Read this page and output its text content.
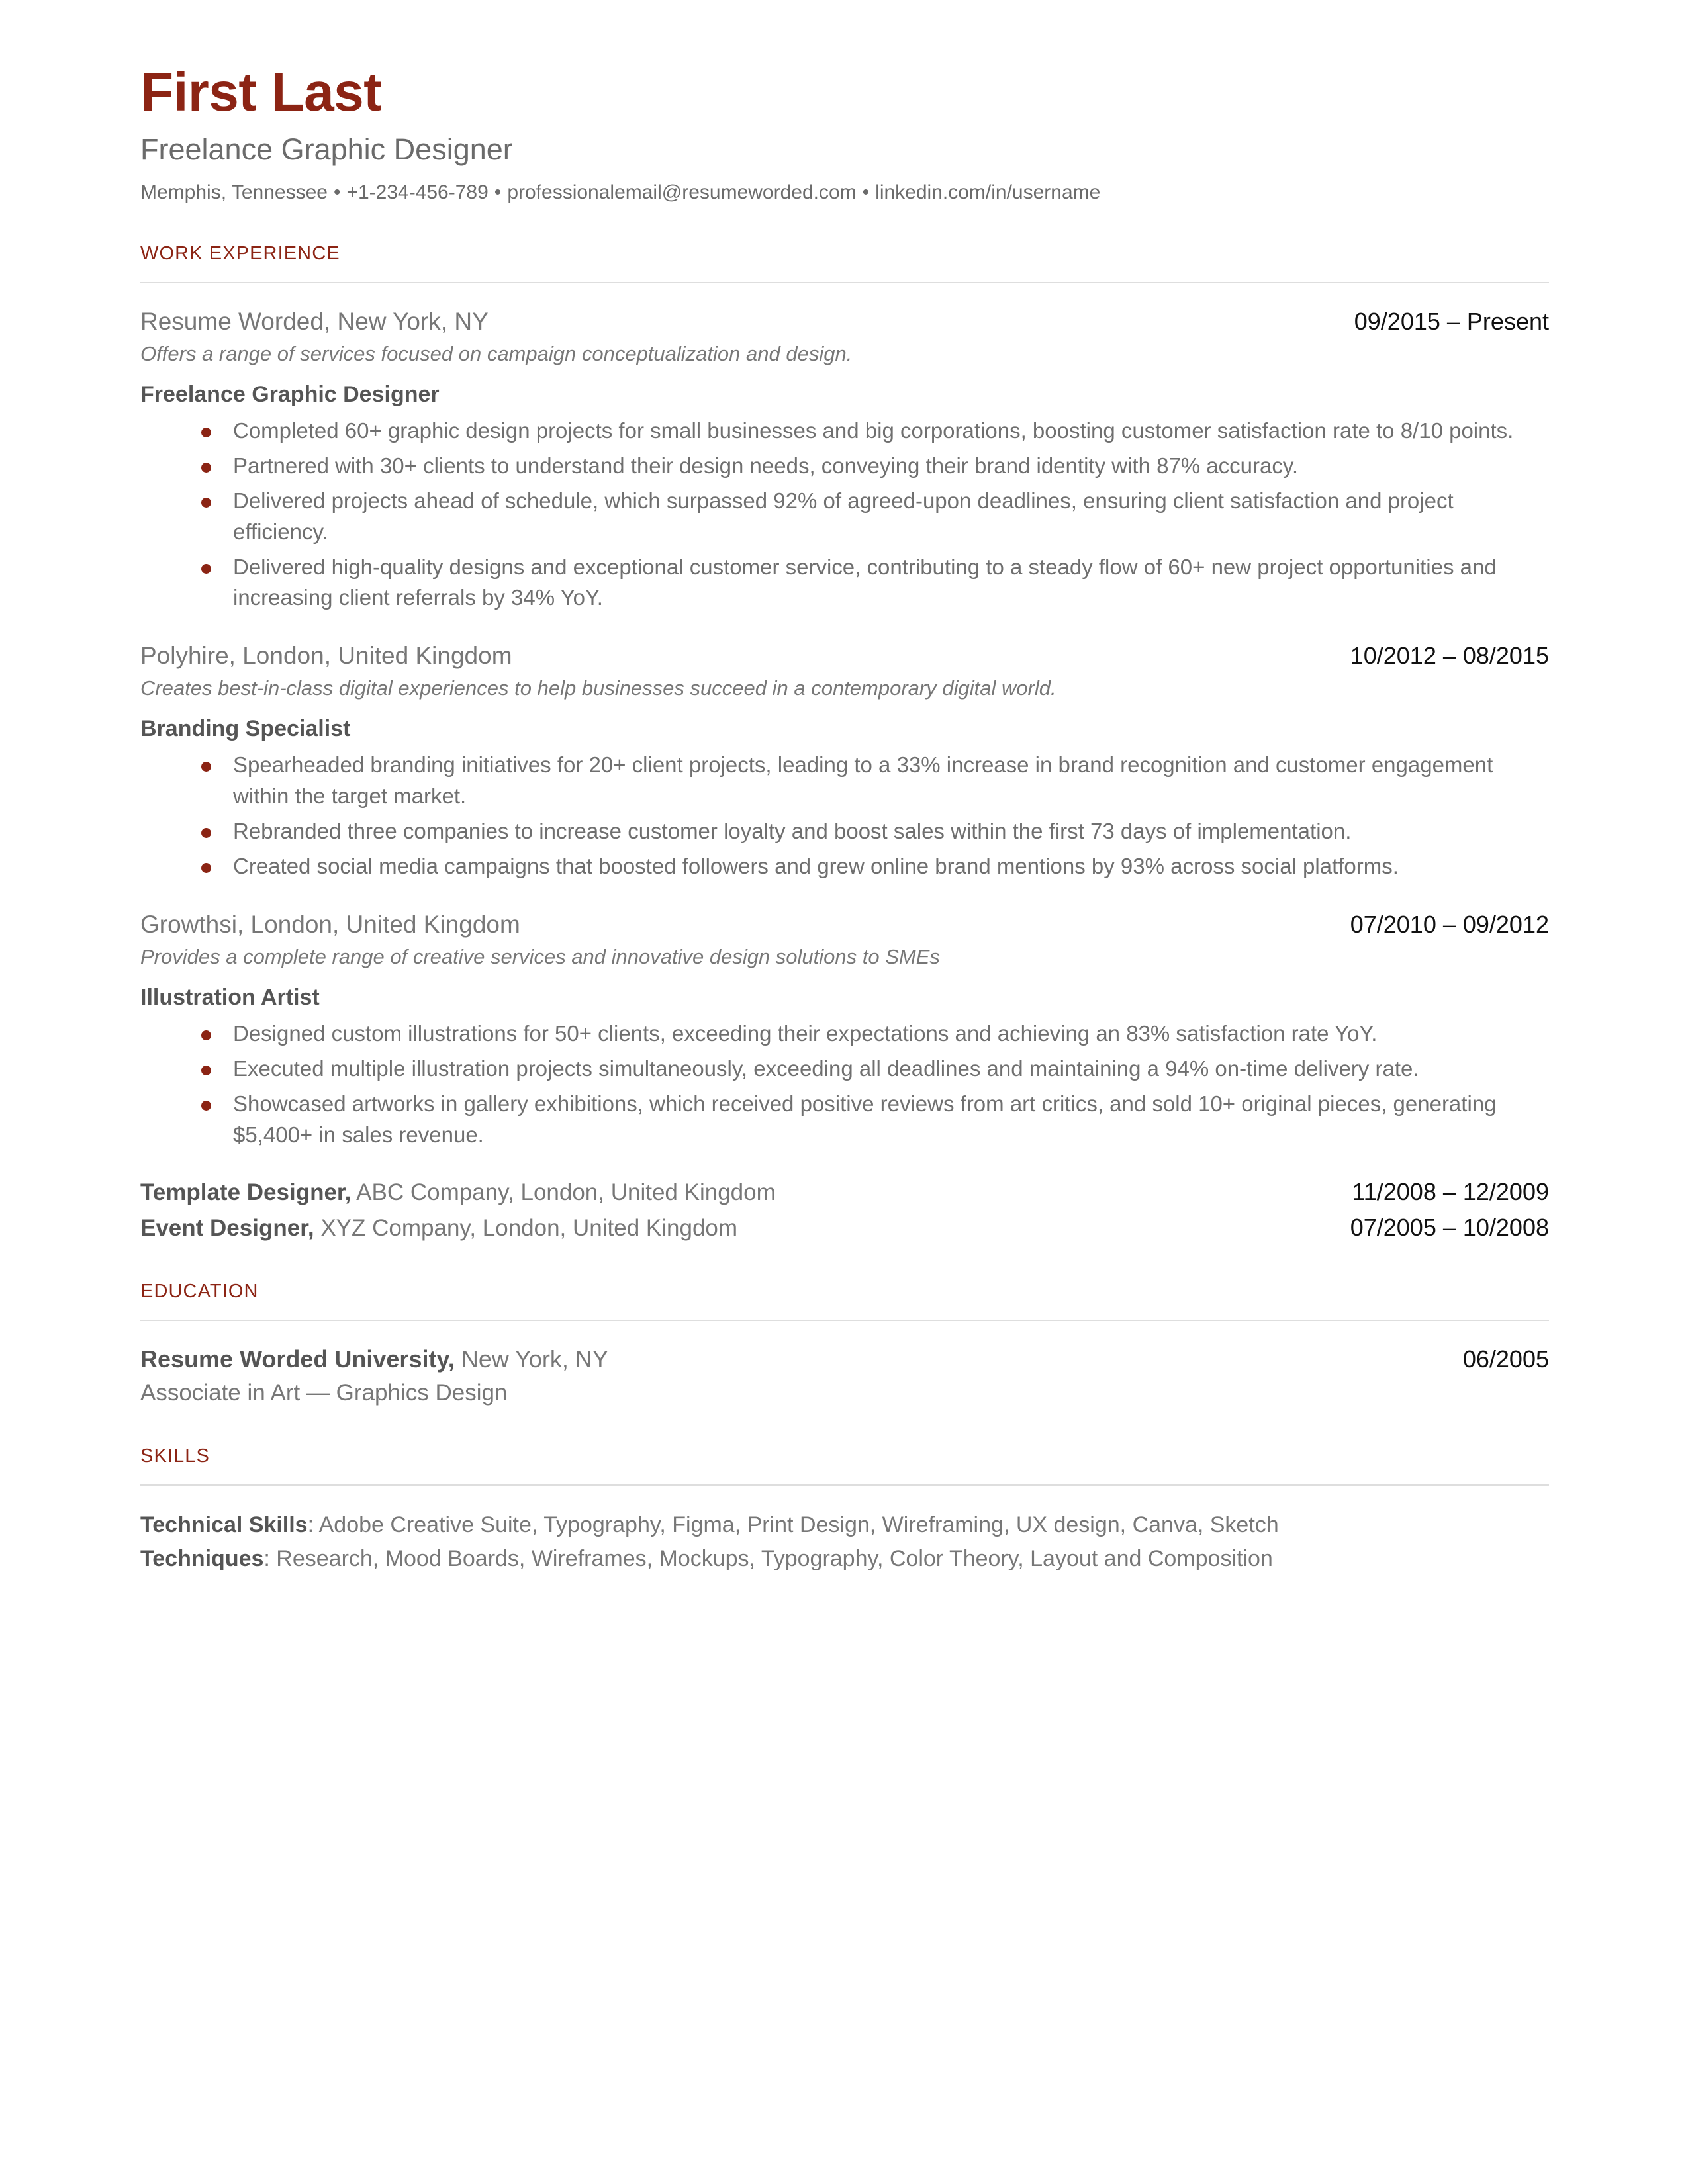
First Last
Freelance Graphic Designer
Memphis, Tennessee • +1-234-456-789 • professionalemail@resumeworded.com • linkedin.com/in/username
WORK EXPERIENCE
Resume Worded, New York, NY	09/2015 – Present
Offers a range of services focused on campaign conceptualization and design.
Freelance Graphic Designer
Completed 60+ graphic design projects for small businesses and big corporations, boosting customer satisfaction rate to 8/10 points.
Partnered with 30+ clients to understand their design needs, conveying their brand identity with 87% accuracy.
Delivered projects ahead of schedule, which surpassed 92% of agreed-upon deadlines, ensuring client satisfaction and project efficiency.
Delivered high-quality designs and exceptional customer service, contributing to a steady flow of 60+ new project opportunities and increasing client referrals by 34% YoY.
Polyhire, London, United Kingdom	10/2012 – 08/2015
Creates best-in-class digital experiences to help businesses succeed in a contemporary digital world.
Branding Specialist
Spearheaded branding initiatives for 20+ client projects, leading to a 33% increase in brand recognition and customer engagement within the target market.
Rebranded three companies to increase customer loyalty and boost sales within the first 73 days of implementation.
Created social media campaigns that boosted followers and grew online brand mentions by 93% across social platforms.
Growthsi, London, United Kingdom	07/2010 – 09/2012
Provides a complete range of creative services and innovative design solutions to SMEs
Illustration Artist
Designed custom illustrations for 50+ clients, exceeding their expectations and achieving an 83% satisfaction rate YoY.
Executed multiple illustration projects simultaneously, exceeding all deadlines and maintaining a 94% on-time delivery rate.
Showcased artworks in gallery exhibitions, which received positive reviews from art critics, and sold 10+ original pieces, generating $5,400+ in sales revenue.
Template Designer, ABC Company, London, United Kingdom	11/2008 – 12/2009
Event Designer, XYZ Company, London, United Kingdom	07/2005 – 10/2008
EDUCATION
Resume Worded University, New York, NY	06/2005
Associate in Art — Graphics Design
SKILLS
Technical Skills: Adobe Creative Suite, Typography, Figma, Print Design, Wireframing, UX design, Canva, Sketch
Techniques: Research, Mood Boards, Wireframes, Mockups, Typography, Color Theory, Layout and Composition
